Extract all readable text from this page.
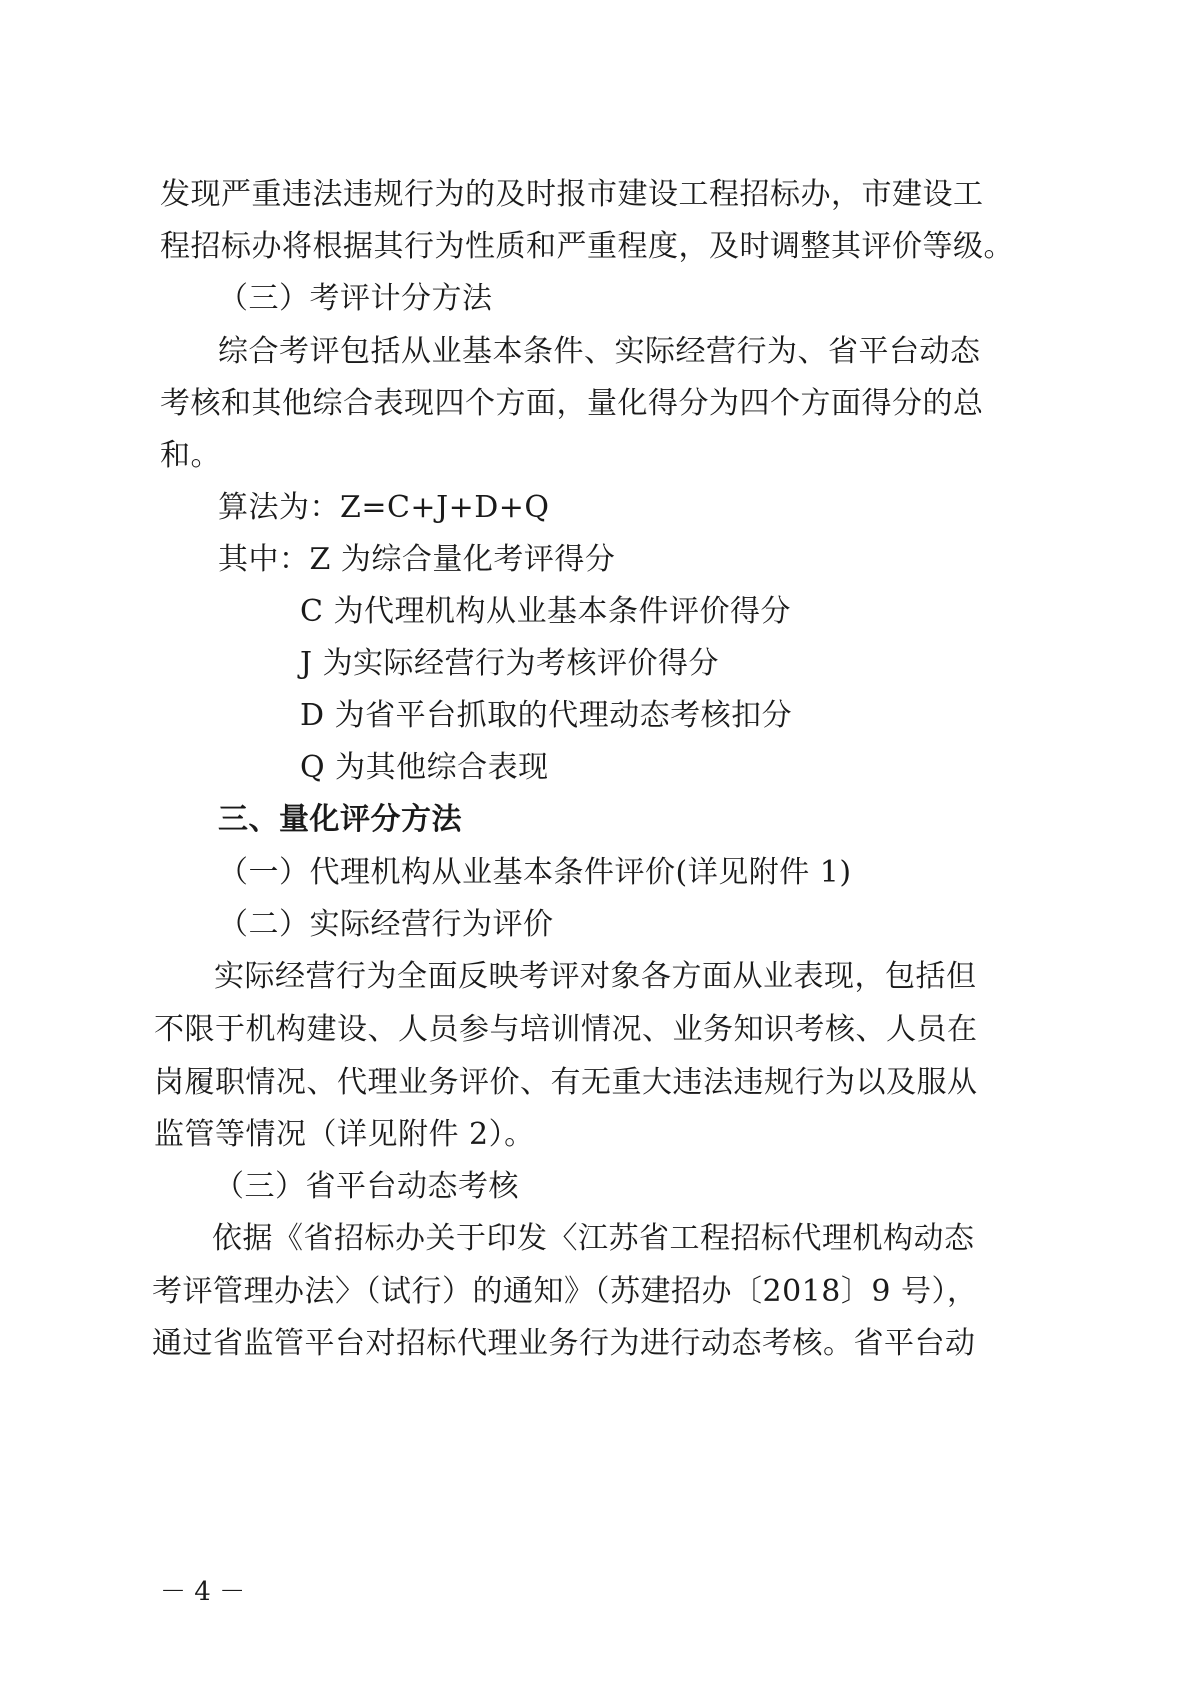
发现严重违法违规行为的及时报市建设工程招标办，市建设工
程招标办将根据其行为性质和严重程度，及时调整其评价等级。
（三）考评计分方法
综合考评包括从业基本条件、实际经营行为、省平台动态
考核和其他综合表现四个方面，量化得分为四个方面得分的总
和。
算法为：Z=C+J+D+Q
其中：Z 为综合量化考评得分
C 为代理机构从业基本条件评价得分
J 为实际经营行为考核评价得分
D 为省平台抓取的代理动态考核扣分
Q 为其他综合表现
三、量化评分方法
（一）代理机构从业基本条件评价(详见附件 1)
（二）实际经营行为评价
实际经营行为全面反映考评对象各方面从业表现，包括但
不限于机构建设、人员参与培训情况、业务知识考核、人员在
岗履职情况、代理业务评价、有无重大违法违规行为以及服从
监管等情况（详见附件 2）。
（三）省平台动态考核
依据《省招标办关于印发〈江苏省工程招标代理机构动态
考评管理办法〉（试行）的通知》（苏建招办〔2018〕9 号），
通过省监管平台对招标代理业务行为进行动态考核。省平台动
－ 4 －
